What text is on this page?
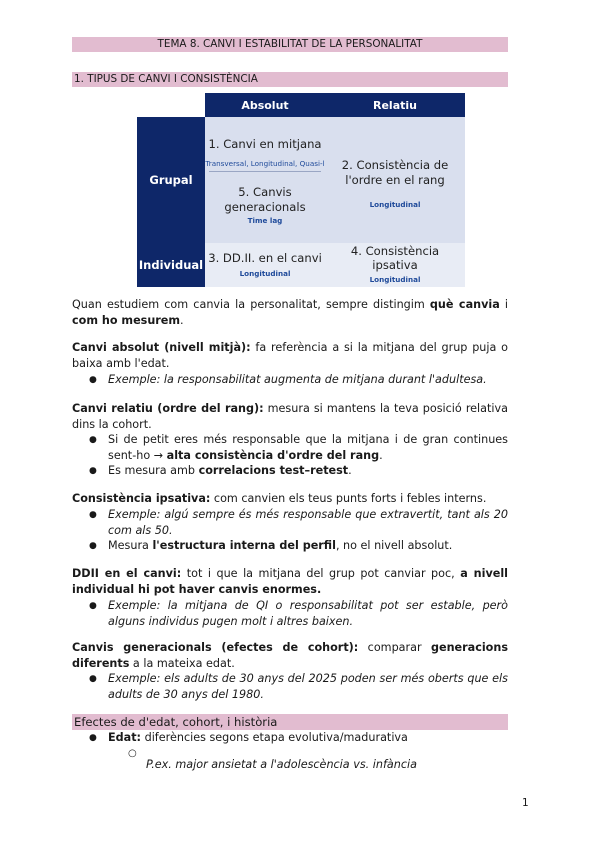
TEMA 8. CANVI I ESTABILITAT DE LA PERSONALITAT
1. TIPUS DE CANVI I CONSISTÈNCIA
Absolut	Relatiu
Grupal
Individual
1. Canvi en mitjana
Transversal, Longitudinal, Quasi-l
5. Canvis
generacionals
Time lag
2. Consistència de
l'ordre en el rang
Longitudinal
3. DD.II. en el canvi
Longitudinal
4. Consistència
ipsativa
Longitudinal

Quan estudiem com canvia la personalitat, sempre distingim què canvia i com ho mesurem.

Canvi absolut (nivell mitjà): fa referència a si la mitjana del grup puja o baixa amb l'edat.

● Exemple: la responsabilitat augmenta de mitjana durant l'adultesa.

Canvi relatiu (ordre del rang): mesura si mantens la teva posició relativa dins la cohort.

● Si de petit eres més responsable que la mitjana i de gran continues sent-ho → alta consistència d'ordre del rang.

● Es mesura amb correlacions test–retest.

Consistència ipsativa: com canvien els teus punts forts i febles interns.

● Exemple: algú sempre és més responsable que extravertit, tant als 20 com als 50.

● Mesura l'estructura interna del perfil, no el nivell absolut.

DDII en el canvi: tot i que la mitjana del grup pot canviar poc, a nivell individual hi pot haver canvis enormes.

● Exemple: la mitjana de QI o responsabilitat pot ser estable, però alguns individus pugen molt i altres baixen.

Canvis generacionals (efectes de cohort): comparar generacions diferents a la mateixa edat.

● Exemple: els adults de 30 anys del 2025 poden ser més oberts que els adults de 30 anys del 1980.

Efectes de d'edat, cohort, i història
● Edat: diferències segons etapa evolutiva/madurativa

○

P.ex. major ansietat a l'adolescència vs. infància

1
